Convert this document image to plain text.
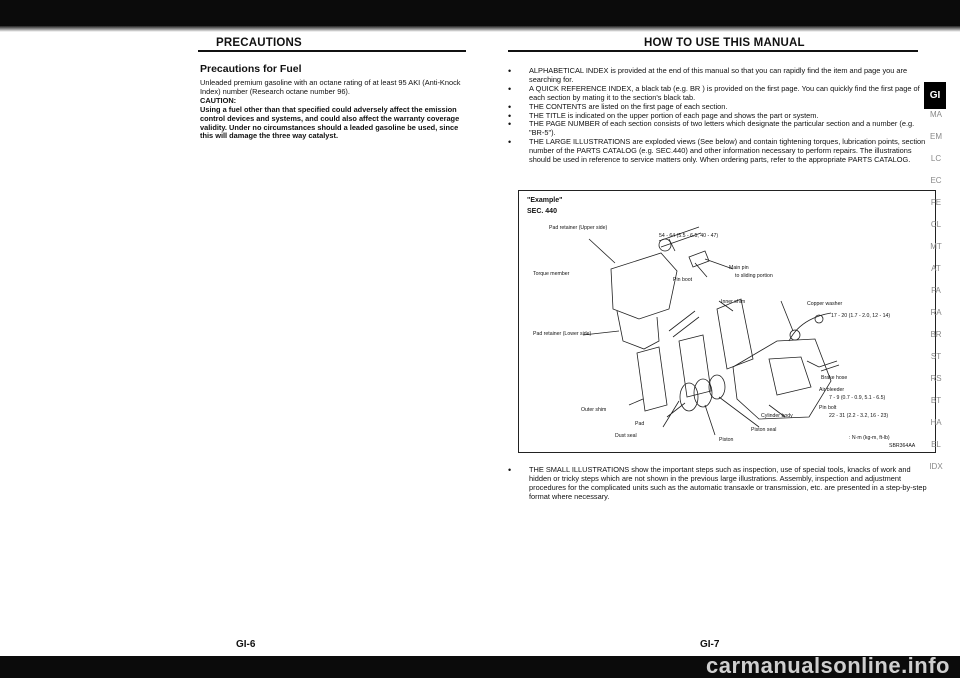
PRECAUTIONS
Precautions for Fuel
Unleaded premium gasoline with an octane rating of at least 95 AKI (Anti-Knock Index) number (Research octane number 96).
CAUTION:
Using a fuel other than that specified could adversely affect the emission control devices and systems, and could also affect the warranty coverage validity. Under no circumstances should a leaded gasoline be used, since this will damage the three way catalyst.
HOW TO USE THIS MANUAL
• ALPHABETICAL INDEX is provided at the end of this manual so that you can rapidly find the item and page you are searching for.
• A QUICK REFERENCE INDEX, a black tab (e.g. BR ) is provided on the first page. You can quickly find the first page of each section by mating it to the section's black tab.
• THE CONTENTS are listed on the first page of each section.
• THE TITLE is indicated on the upper portion of each page and shows the part or system.
• THE PAGE NUMBER of each section consists of two letters which designate the particular section and a number (e.g. "BR-5").
• THE LARGE ILLUSTRATIONS are exploded views (See below) and contain tightening torques, lubrication points, section number of the PARTS CATALOG (e.g. SEC.440) and other information necessary to perform repairs. The illustrations should be used in reference to service matters only. When ordering parts, refer to the appropriate PARTS CATALOG.
"Example"
SEC. 440
Pad retainer (Upper side)
54 - 64 (5.5 - 6.5, 40 - 47)
Torque member
Pin boot
Main pin
to sliding portion
Inner shim	Copper washer
17 - 20 (1.7 - 2.0, 12 - 14)
Pad retainer (Lower side)
Brake hose
Air bleeder
7 - 9 (0.7 - 0.9, 5.1 - 6.5)
Pin bolt
22 - 31 (2.2 - 3.2, 16 - 23)
Outer shim
Pad
Cylinder body
Dust seal
Piston seal
Piston	: N·m (kg-m, ft-lb)
SBR364AA
• THE SMALL ILLUSTRATIONS show the important steps such as inspection, use of special tools, knacks of work and hidden or tricky steps which are not shown in the previous large illustrations. Assembly, inspection and adjustment procedures for the complicated units such as the automatic transaxle or transmission, etc. are presented in a step-by-step format where necessary.
GI
MA
EM
LC
EC
FE
CL
MT
AT
FA
RA
BR
ST
RS
BT
HA
EL
IDX
GI-6	GI-7
carmanualsonline.info
